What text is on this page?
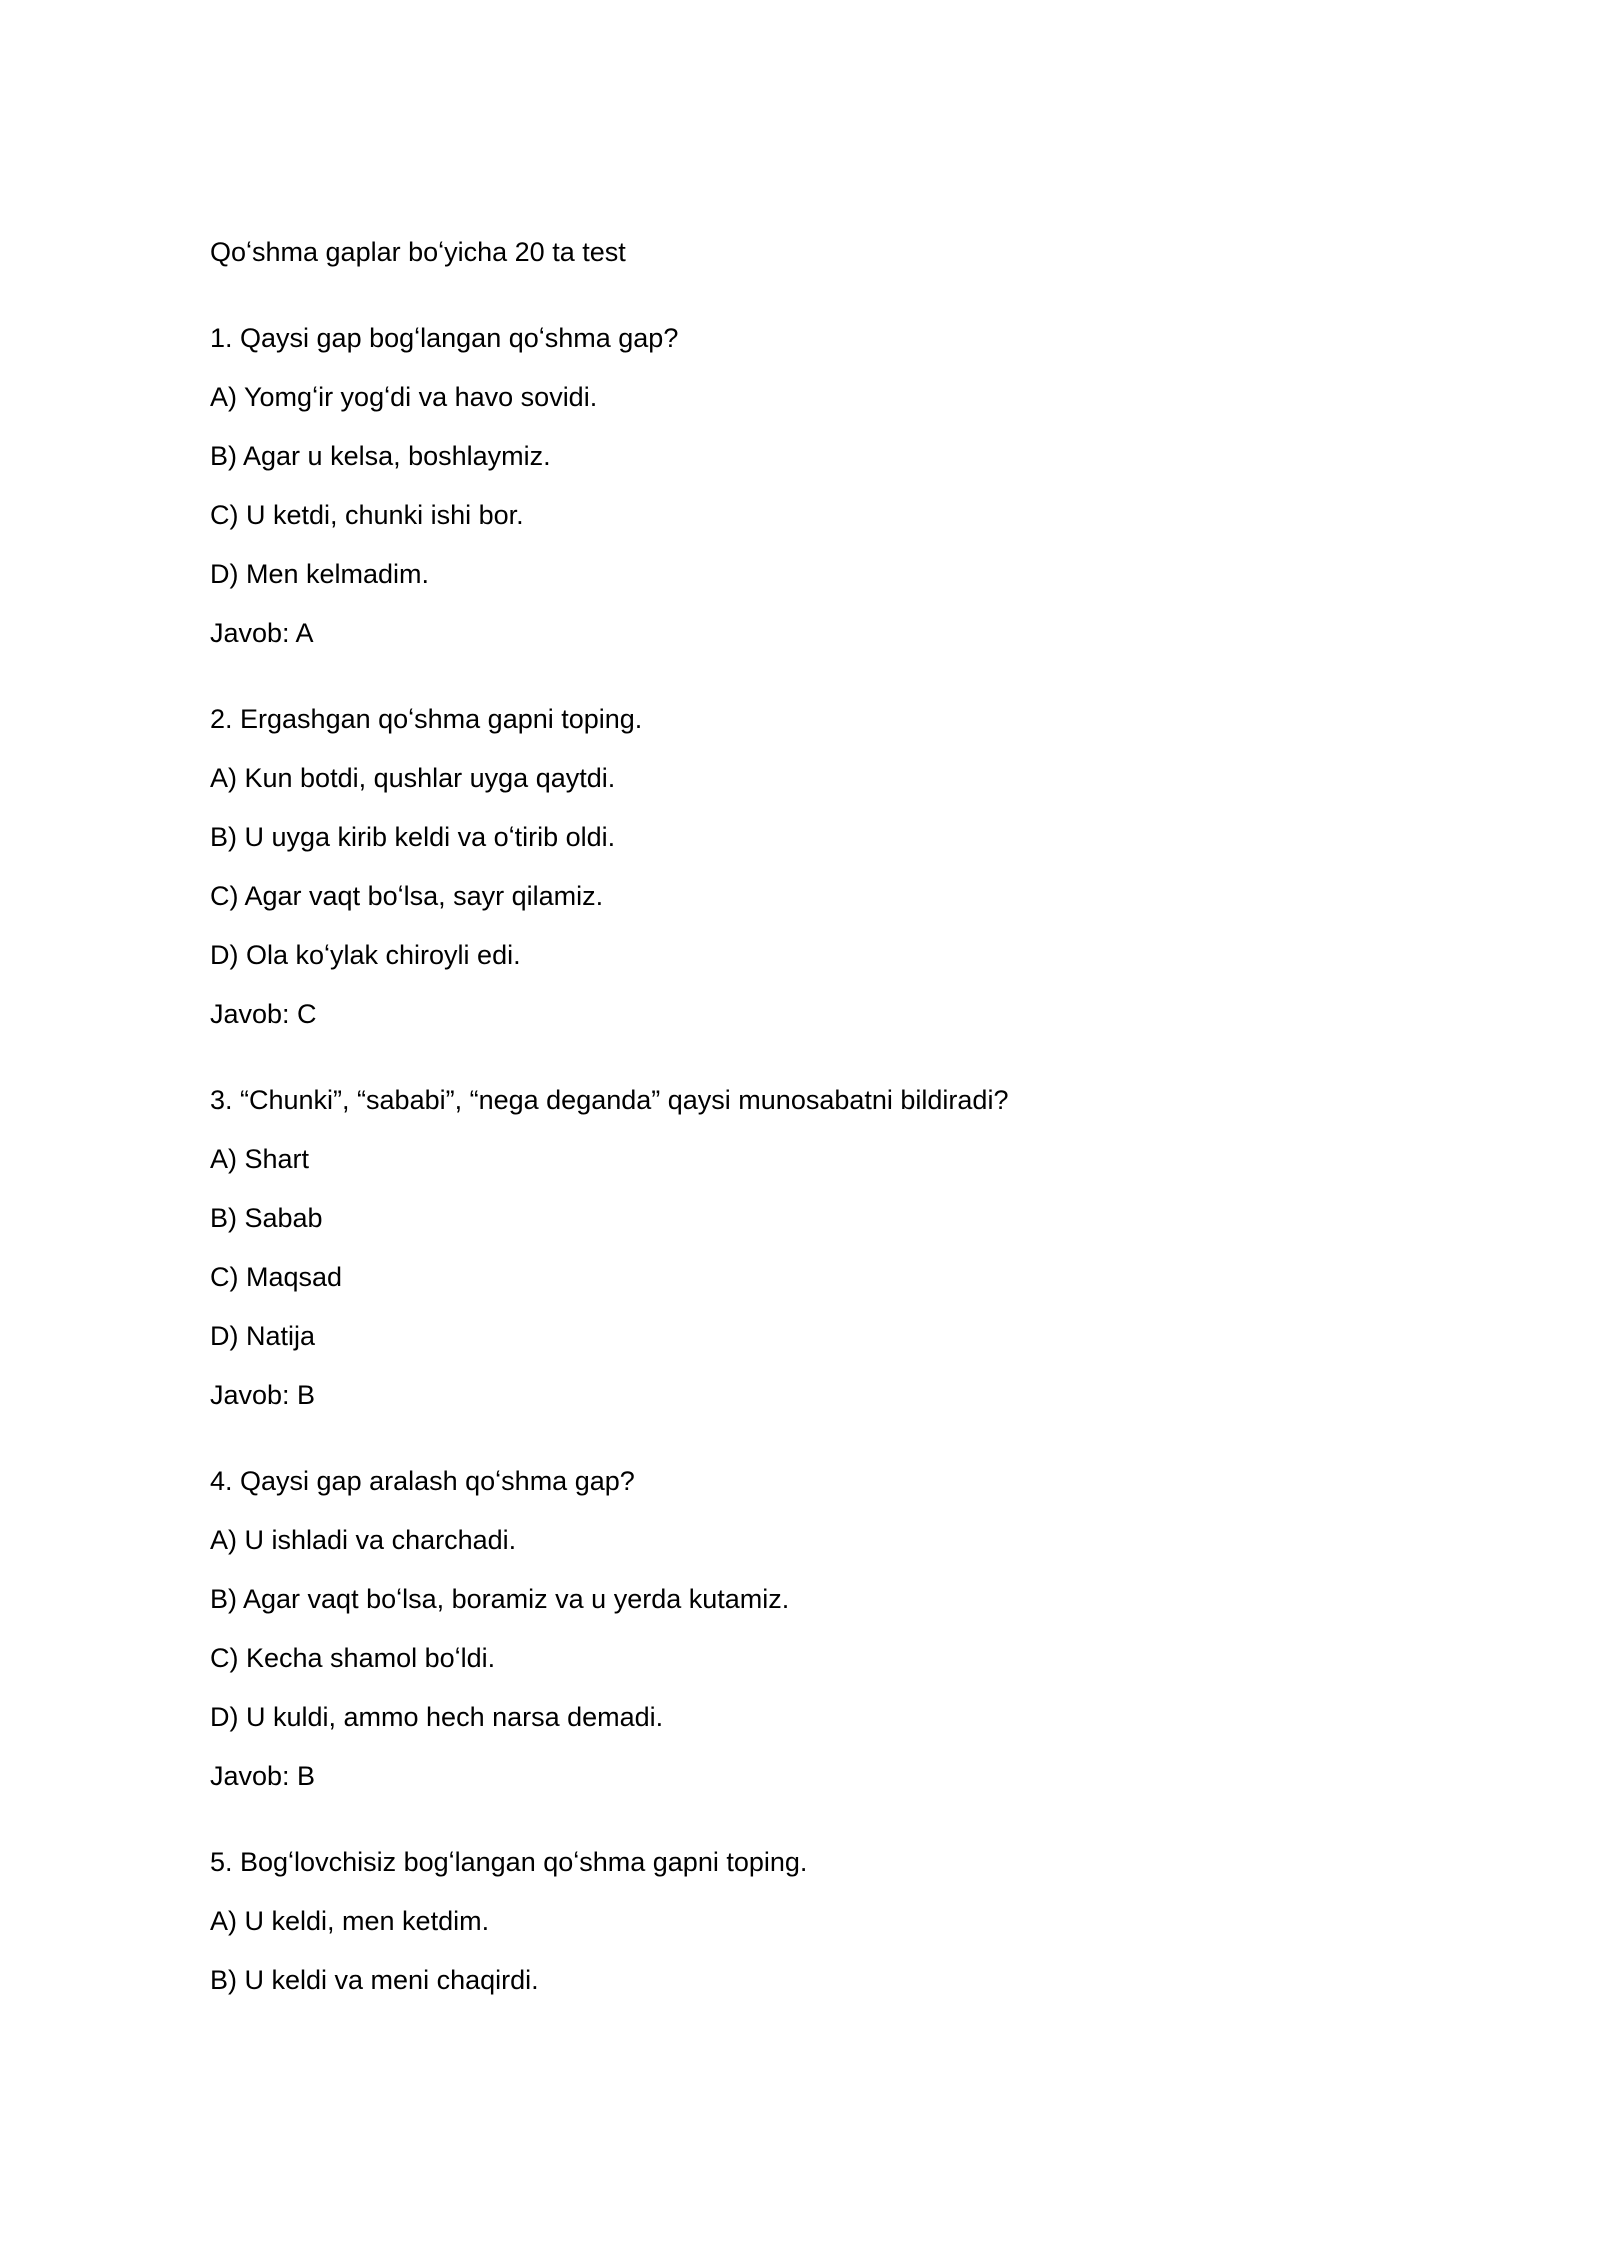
Qoʻshma gaplar boʻyicha 20 ta test

1. Qaysi gap bogʻlangan qoʻshma gap?

A) Yomgʻir yogʻdi va havo sovidi.

B) Agar u kelsa, boshlaymiz.

C) U ketdi, chunki ishi bor.

D) Men kelmadim.

Javob: A

2. Ergashgan qoʻshma gapni toping.

A) Kun botdi, qushlar uyga qaytdi.

B) U uyga kirib keldi va oʻtirib oldi.

C) Agar vaqt boʻlsa, sayr qilamiz.

D) Ola koʻylak chiroyli edi.

Javob: C

3. “Chunki”, “sababi”, “nega deganda” qaysi munosabatni bildiradi?

A) Shart

B) Sabab

C) Maqsad

D) Natija

Javob: B

4. Qaysi gap aralash qoʻshma gap?

A) U ishladi va charchadi.

B) Agar vaqt boʻlsa, boramiz va u yerda kutamiz.

C) Kecha shamol boʻldi.

D) U kuldi, ammo hech narsa demadi.

Javob: B

5. Bogʻlovchisiz bogʻlangan qoʻshma gapni toping.

A) U keldi, men ketdim.

B) U keldi va meni chaqirdi.
